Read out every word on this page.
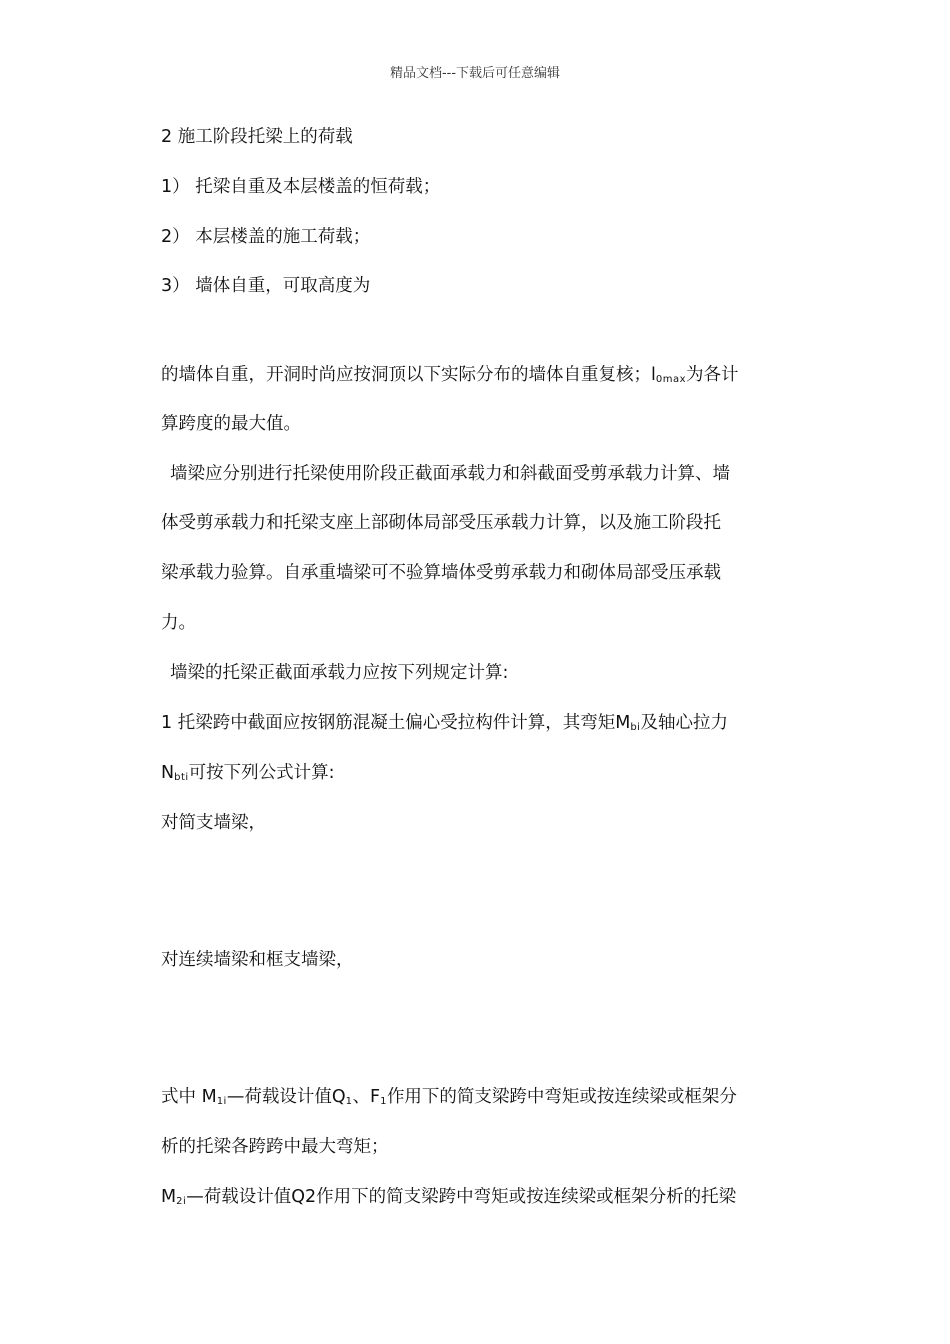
精品文档---下载后可任意编辑
2 施工阶段托梁上的荷载
1） 托梁自重及本层楼盖的恒荷载；
2） 本层楼盖的施工荷载；
3） 墙体自重，可取高度为
的墙体自重，开洞时尚应按洞顶以下实际分布的墙体自重复核；$l_{0max}$为各计
算跨度的最大值。
墙梁应分别进行托梁使用阶段正截面承载力和斜截面受剪承载力计算、墙
体受剪承载力和托梁支座上部砌体局部受压承载力计算，以及施工阶段托
梁承载力验算。自承重墙梁可不验算墙体受剪承载力和砌体局部受压承载
力。
墙梁的托梁正截面承载力应按下列规定计算:
1 托梁跨中截面应按钢筋混凝土偏心受拉构件计算，其弯矩$M_{bi}$及轴心拉力
$N_{bti}$可按下列公式计算:
对简支墙梁，
对连续墙梁和框支墙梁，
式中 $M_{1i}—$荷载设计值$Q_1$、$F_1$作用下的简支梁跨中弯矩或按连续梁或框架分
析的托梁各跨跨中最大弯矩；
$M_{2i}—$荷载设计值Q2作用下的简支梁跨中弯矩或按连续梁或框架分析的托梁
